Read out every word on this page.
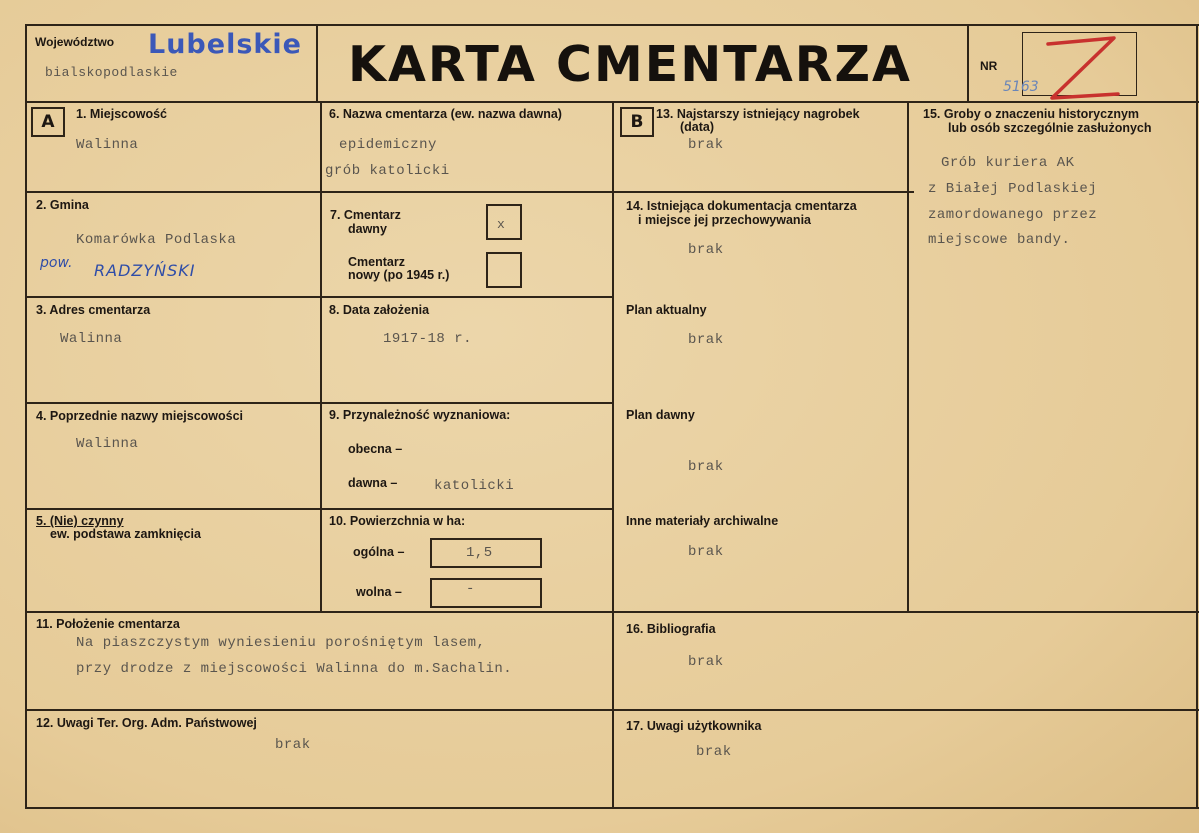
Województwo Lubelskie
bialskopodlaskie	KARTA CMENTARZA	NR
5163
A	1. Miejscowość
Walinna
2. Gmina
Komarówka Podlaska
pow. RADZYŃSKI
3. Adres cmentarza
Walinna
4. Poprzednie nazwy miejscowości
Walinna
5. (Nie) czynny
ew. podstawa zamknięcia
6. Nazwa cmentarza (ew. nazwa dawna)
epidemiczny
grób katolicki
7. Cmentarz
dawny	x
Cmentarz
nowy (po 1945 r.)
8. Data założenia
1917-18 r.
9. Przynależność wyznaniowa:
obecna –
dawna –	katolicki
10. Powierzchnia w ha:
ogólna –	1,5
wolna –	-
B	13. Najstarszy istniejący nagrobek
(data)
brak
14. Istniejąca dokumentacja cmentarza
i miejsce jej przechowywania
brak
Plan aktualny
brak
Plan dawny
brak
Inne materiały archiwalne
brak
15. Groby o znaczeniu historycznym
lub osób szczególnie zasłużonych
Grób kuriera AK
z Białej Podlaskiej
zamordowanego przez
miejscowe bandy.
11. Położenie cmentarza
Na piaszczystym wyniesieniu porośniętym lasem,
przy drodze z miejscowości Walinna do m.Sachalin.
16. Bibliografia
brak
12. Uwagi Ter. Org. Adm. Państwowej
brak
17. Uwagi użytkownika
brak
